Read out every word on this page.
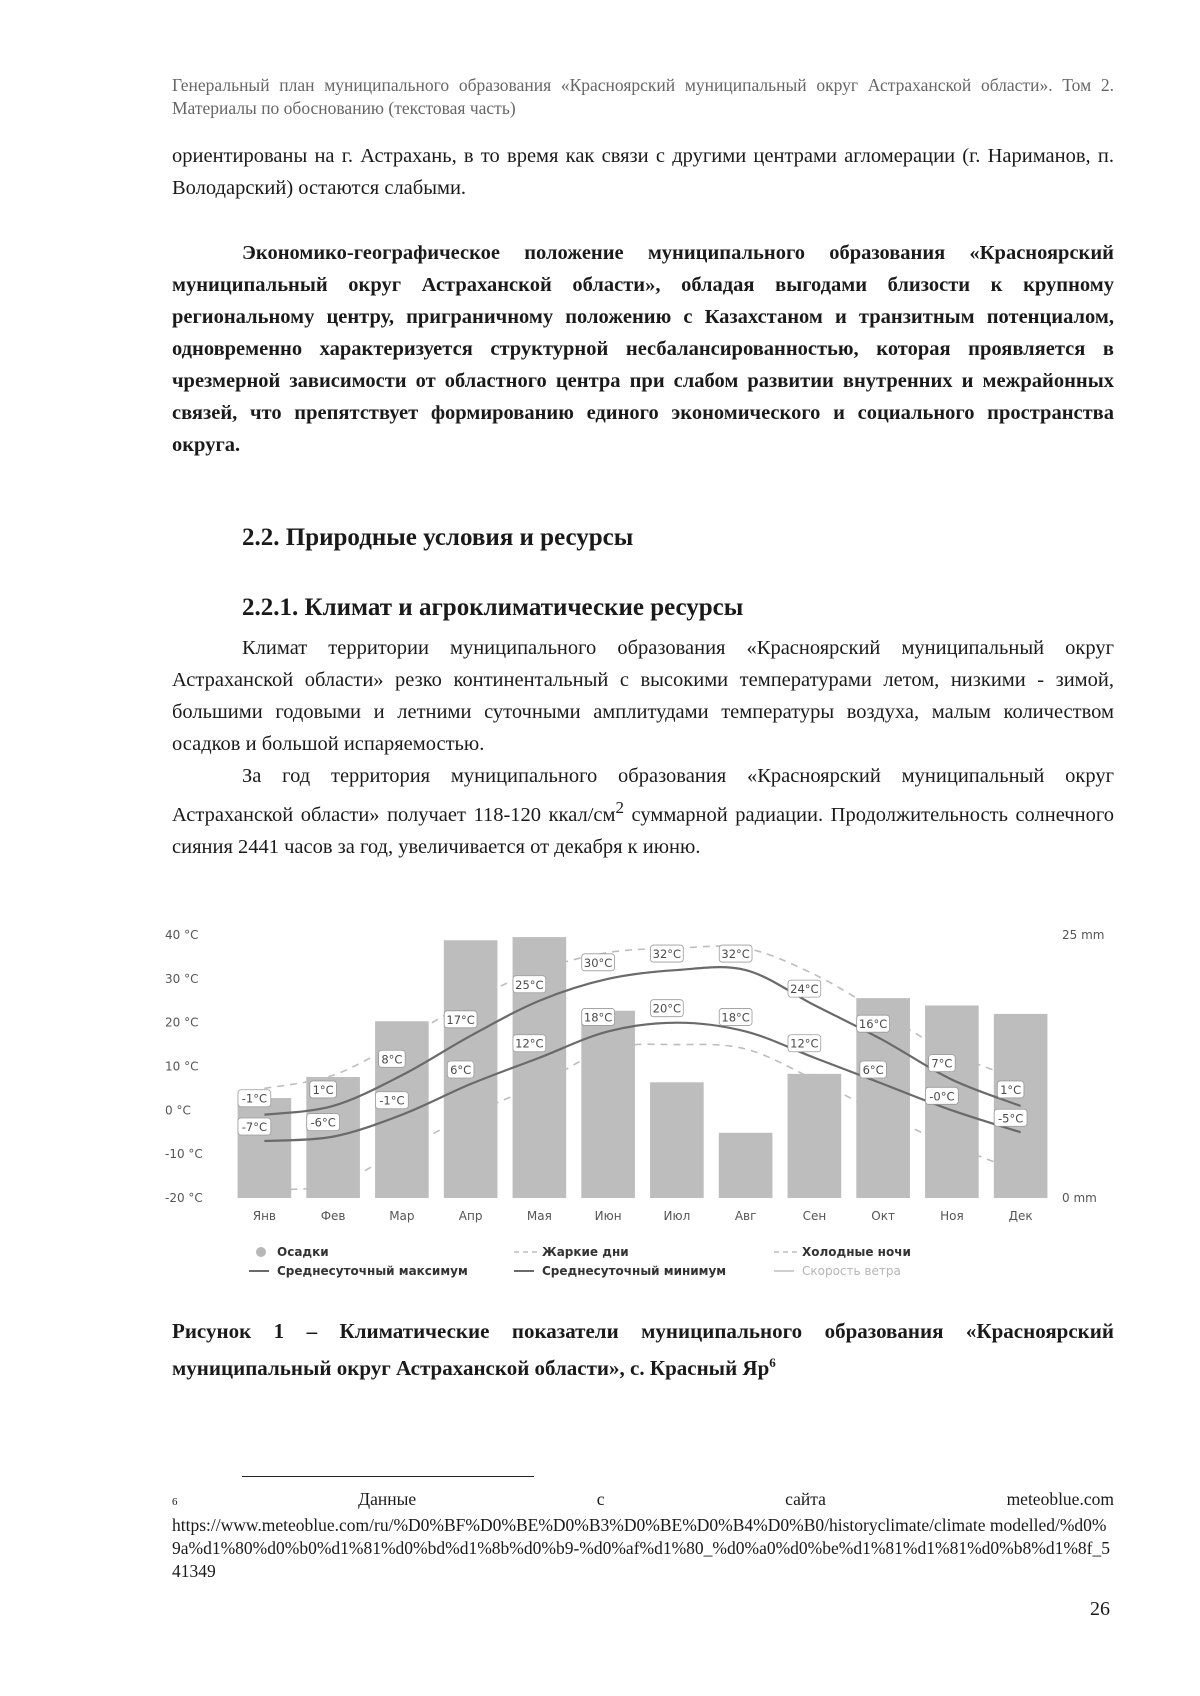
Генеральный план муниципального образования «Красноярский муниципальный округ Астраханской области». Том 2. Материалы по обоснованию (текстовая часть)
ориентированы на г. Астрахань, в то время как связи с другими центрами агломерации (г. Нариманов, п. Володарский) остаются слабыми.
Экономико-географическое положение муниципального образования «Красноярский муниципальный округ Астраханской области», обладая выгодами близости к крупному региональному центру, приграничному положению с Казахстаном и транзитным потенциалом, одновременно характеризуется структурной несбалансированностью, которая проявляется в чрезмерной зависимости от областного центра при слабом развитии внутренних и межрайонных связей, что препятствует формированию единого экономического и социального пространства округа.
2.2. Природные условия и ресурсы
2.2.1. Климат и агроклиматические ресурсы
Климат территории муниципального образования «Красноярский муниципальный округ Астраханской области» резко континентальный с высокими температурами летом, низкими - зимой, большими годовыми и летними суточными амплитудами температуры воздуха, малым количеством осадков и большой испаряемостью.
За год территория муниципального образования «Красноярский муниципальный округ Астраханской области» получает 118-120 ккал/$см^2$ суммарной радиации. Продолжительность солнечного сияния 2441 часов за год, увеличивается от декабря к июню.
-1°C
1°C
8°C
17°C
25°C
30°C
32°C	32°C
24°C
16°C
7°C
1°C
-7°C	-6°C
-1°C
6°C
12°C
18°C
20°C
18°C
12°C
6°C
-0°C
-5°C
40 °C
30 °C
20 °C
10 °C
0 °C
-10 °C
-20 °C
25 mm
0 mm
Янв	Фев	Мар	Апр	Мая	Июн	Июл	Авг	Сен	Окт	Ноя	Дек
Осадки	Жаркие дни	Холодные ночи
Среднесуточный максимум	Среднесуточный минимум	Скорость ветра
Рисунок 1 – Климатические показатели муниципального образования «Красноярский муниципальный округ Астраханской области», с. Красный $Яр^6$
6	Данные	с	сайта	meteoblue.com
https://www.meteoblue.com/ru/%D0%BF%D0%BE%D0%B3%D0%BE%D0%B4%D0%B0/historyclimate/climate modelled/%d0%9a%d1%80%d0%b0%d1%81%d0%bd%d1%8b%d0%b9-%d0%af%d1%80_%d0%a0%d0%be%d1%81%d1%81%d0%b8%d1%8f_541349
26
